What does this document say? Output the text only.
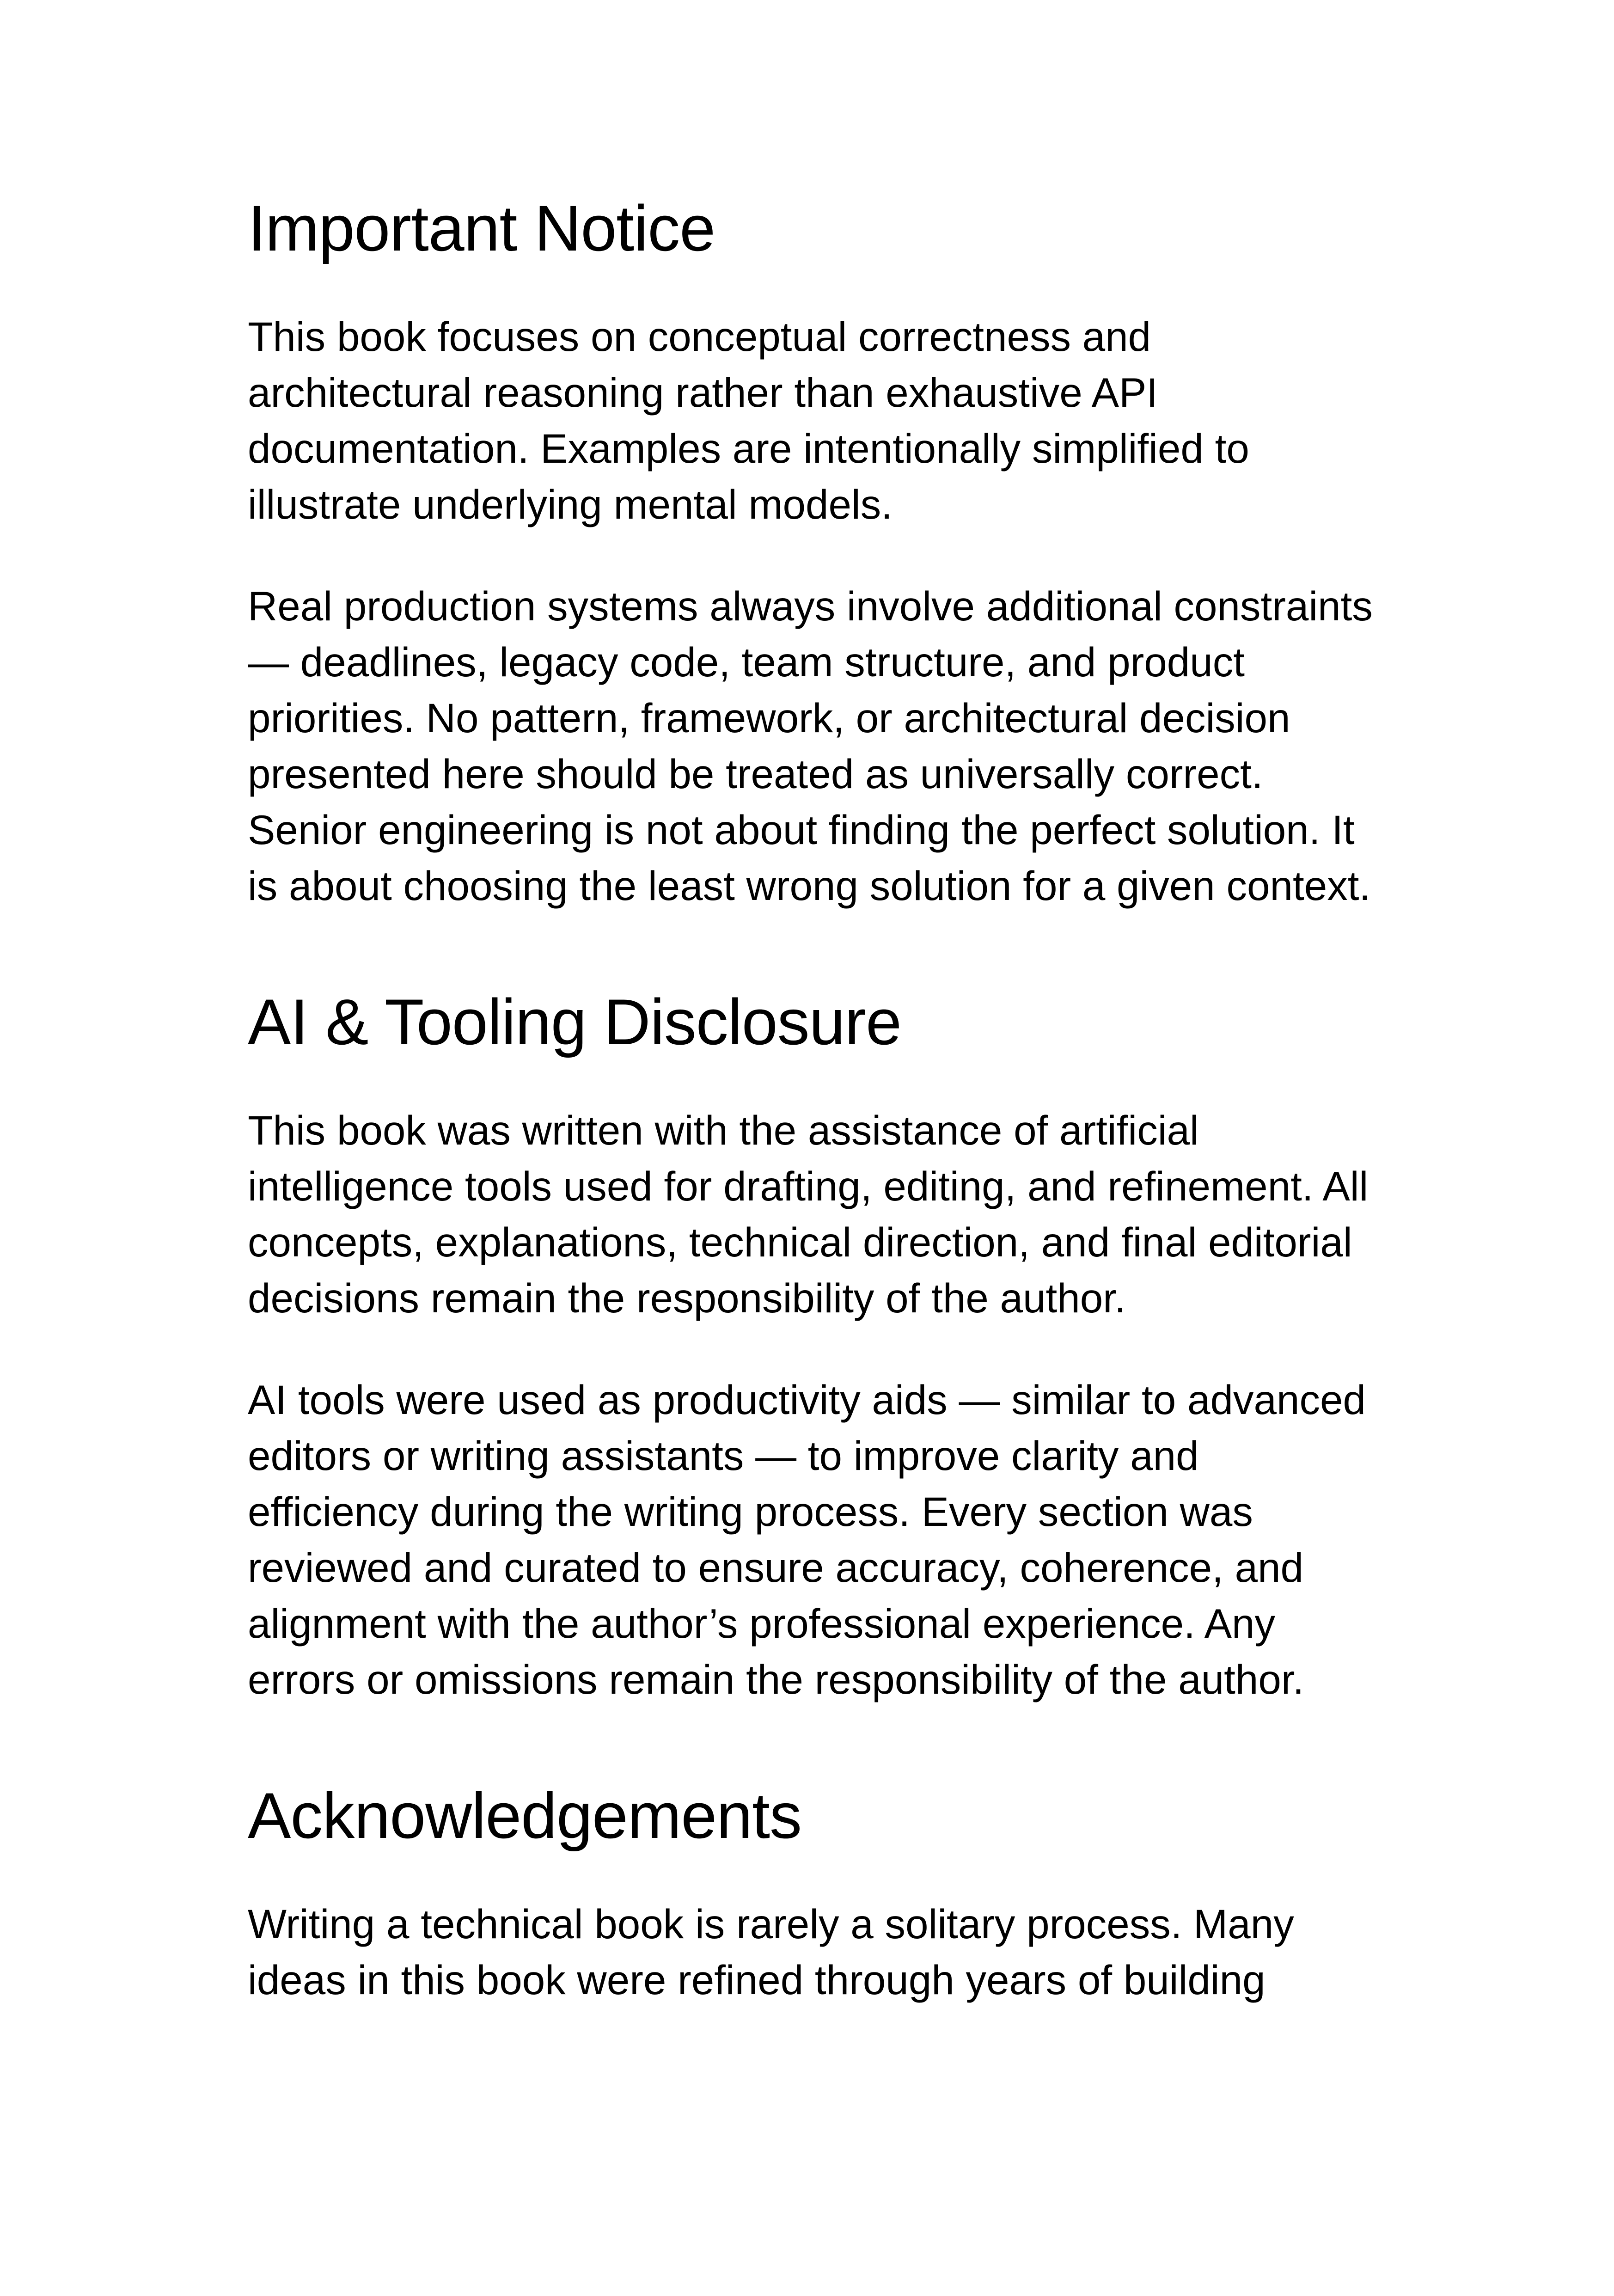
Important Notice

This book focuses on conceptual correctness and
architectural reasoning rather than exhaustive API
documentation. Examples are intentionally simplified to
illustrate underlying mental models.

Real production systems always involve additional constraints
— deadlines, legacy code, team structure, and product
priorities. No pattern, framework, or architectural decision
presented here should be treated as universally correct.
Senior engineering is not about finding the perfect solution. It
is about choosing the least wrong solution for a given context.

AI & Tooling Disclosure

This book was written with the assistance of artificial
intelligence tools used for drafting, editing, and refinement. All
concepts, explanations, technical direction, and final editorial
decisions remain the responsibility of the author.

AI tools were used as productivity aids — similar to advanced
editors or writing assistants — to improve clarity and
efficiency during the writing process. Every section was
reviewed and curated to ensure accuracy, coherence, and
alignment with the author’s professional experience. Any
errors or omissions remain the responsibility of the author.

Acknowledgements

Writing a technical book is rarely a solitary process. Many
ideas in this book were refined through years of building
